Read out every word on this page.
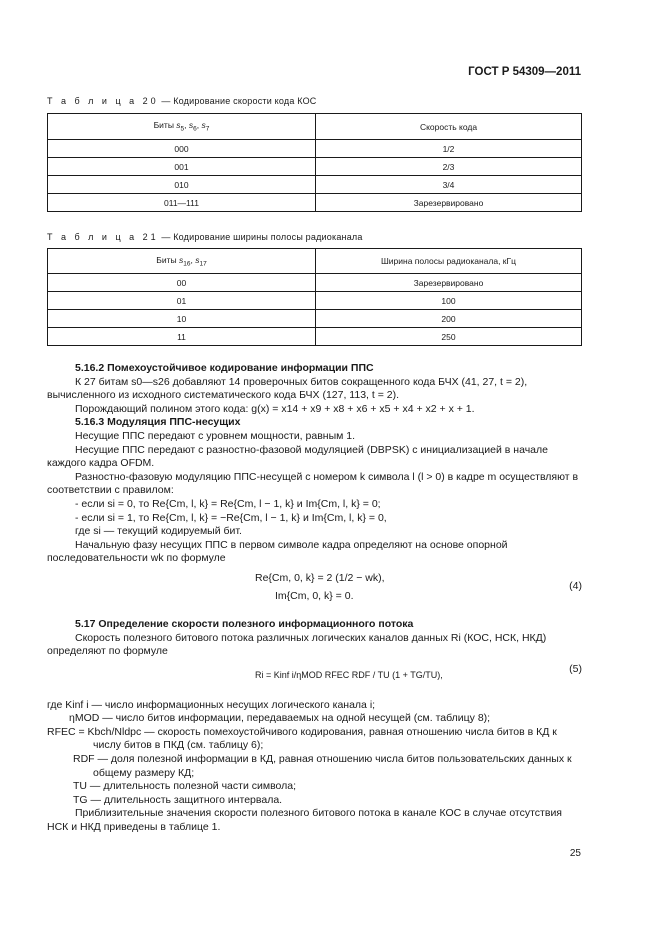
ГОСТ Р 54309—2011
Т а б л и ц а 20 — Кодирование скорости кода КОС
Биты $s_5$, $s_6$, $s_7$	Скорость кода
000	1/2
001	2/3
010	3/4
011—111	Зарезервировано
Т а б л и ц а 21 — Кодирование ширины полосы радиоканала
Биты $s_{16}$, $s_{17}$	Ширина полосы радиоканала, кГц
00	Зарезервировано
01	100
10	200
11	250

5.16.2 Помехоустойчивое кодирование информации ППС

К 27 битам s0—s26 добавляют 14 проверочных битов сокращенного кода БЧХ (41, 27, t = 2), вычисленного из исходного систематического кода БЧХ (127, 113, t = 2).

Порождающий полином этого кода: g(x) = x14 + x9 + x8 + x6 + x5 + x4 + x2 + x + 1.

5.16.3 Модуляция ППС-несущих

Несущие ППС передают с уровнем мощности, равным 1.

Несущие ППС передают с разностно-фазовой модуляцией (DBPSK) с инициализацией в начале каждого кадра OFDM.

Разностно-фазовую модуляцию ППС-несущей с номером k символа l (l > 0) в кадре m осуществляют в соответствии с правилом:

- если si = 0, то Re{Cm, l, k} = Re{Cm, l − 1, k} и Im{Cm, l, k} = 0;

- если si = 1, то Re{Cm, l, k} = −Re{Cm, l − 1, k} и Im{Cm, l, k} = 0,

где si — текущий кодируемый бит.

Начальную фазу несущих ППС в первом символе кадра определяют на основе опорной последовательности wk по формуле

Re{Cm, 0, k} = 2 (1/2 − wk),
Im{Cm, 0, k} = 0.
(4)

5.17 Определение скорости полезного информационного потока

Скорость полезного битового потока различных логических каналов данных Ri (КОС, НСК, НКД) определяют по формуле

Ri = Kinf i/ηMOD RFEC RDF / TU (1 + TG/TU),	(5)

где Kinf i — число информационных несущих логического канала i;

ηMOD — число битов информации, передаваемых на одной несущей (см. таблицу 8);

RFEC = Kbch/Nldpc — скорость помехоустойчивого кодирования, равная отношению числа битов в КД к числу битов в ПКД (см. таблицу 6);

RDF — доля полезной информации в КД, равная отношению числа битов пользовательских данных к общему размеру КД;

TU — длительность полезной части символа;

TG — длительность защитного интервала.

Приблизительные значения скорости полезного битового потока в канале КОС в случае отсутствия НСК и НКД приведены в таблице 1.

25
